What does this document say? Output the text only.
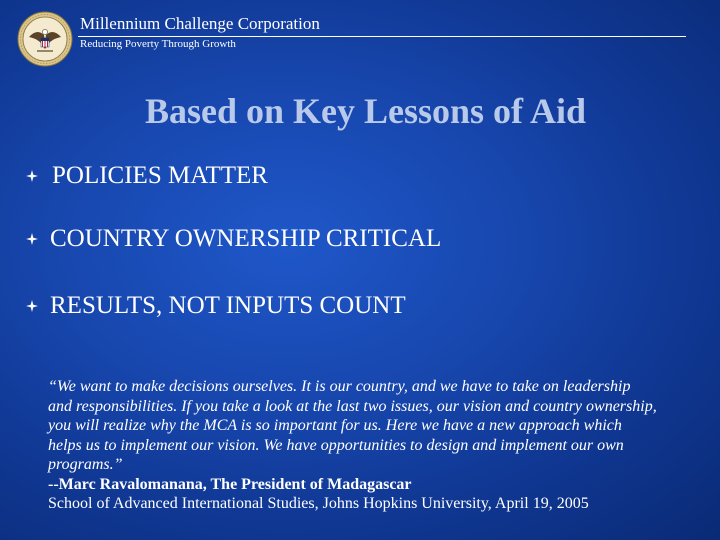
Millennium Challenge Corporation
Reducing Poverty Through Growth
Based on Key Lessons of Aid
POLICIES MATTER
COUNTRY OWNERSHIP CRITICAL
RESULTS, NOT INPUTS COUNT

“We want to make decisions ourselves. It is our country, and we have to take on leadership and responsibilities. If you take a look at the last two issues, our vision and country ownership, you will realize why the MCA is so important for us. Here we have a new approach which helps us to implement our vision. We have opportunities to design and implement our own programs.”

--Marc Ravalomanana, The President of Madagascar

School of Advanced International Studies, Johns Hopkins University, April 19, 2005
